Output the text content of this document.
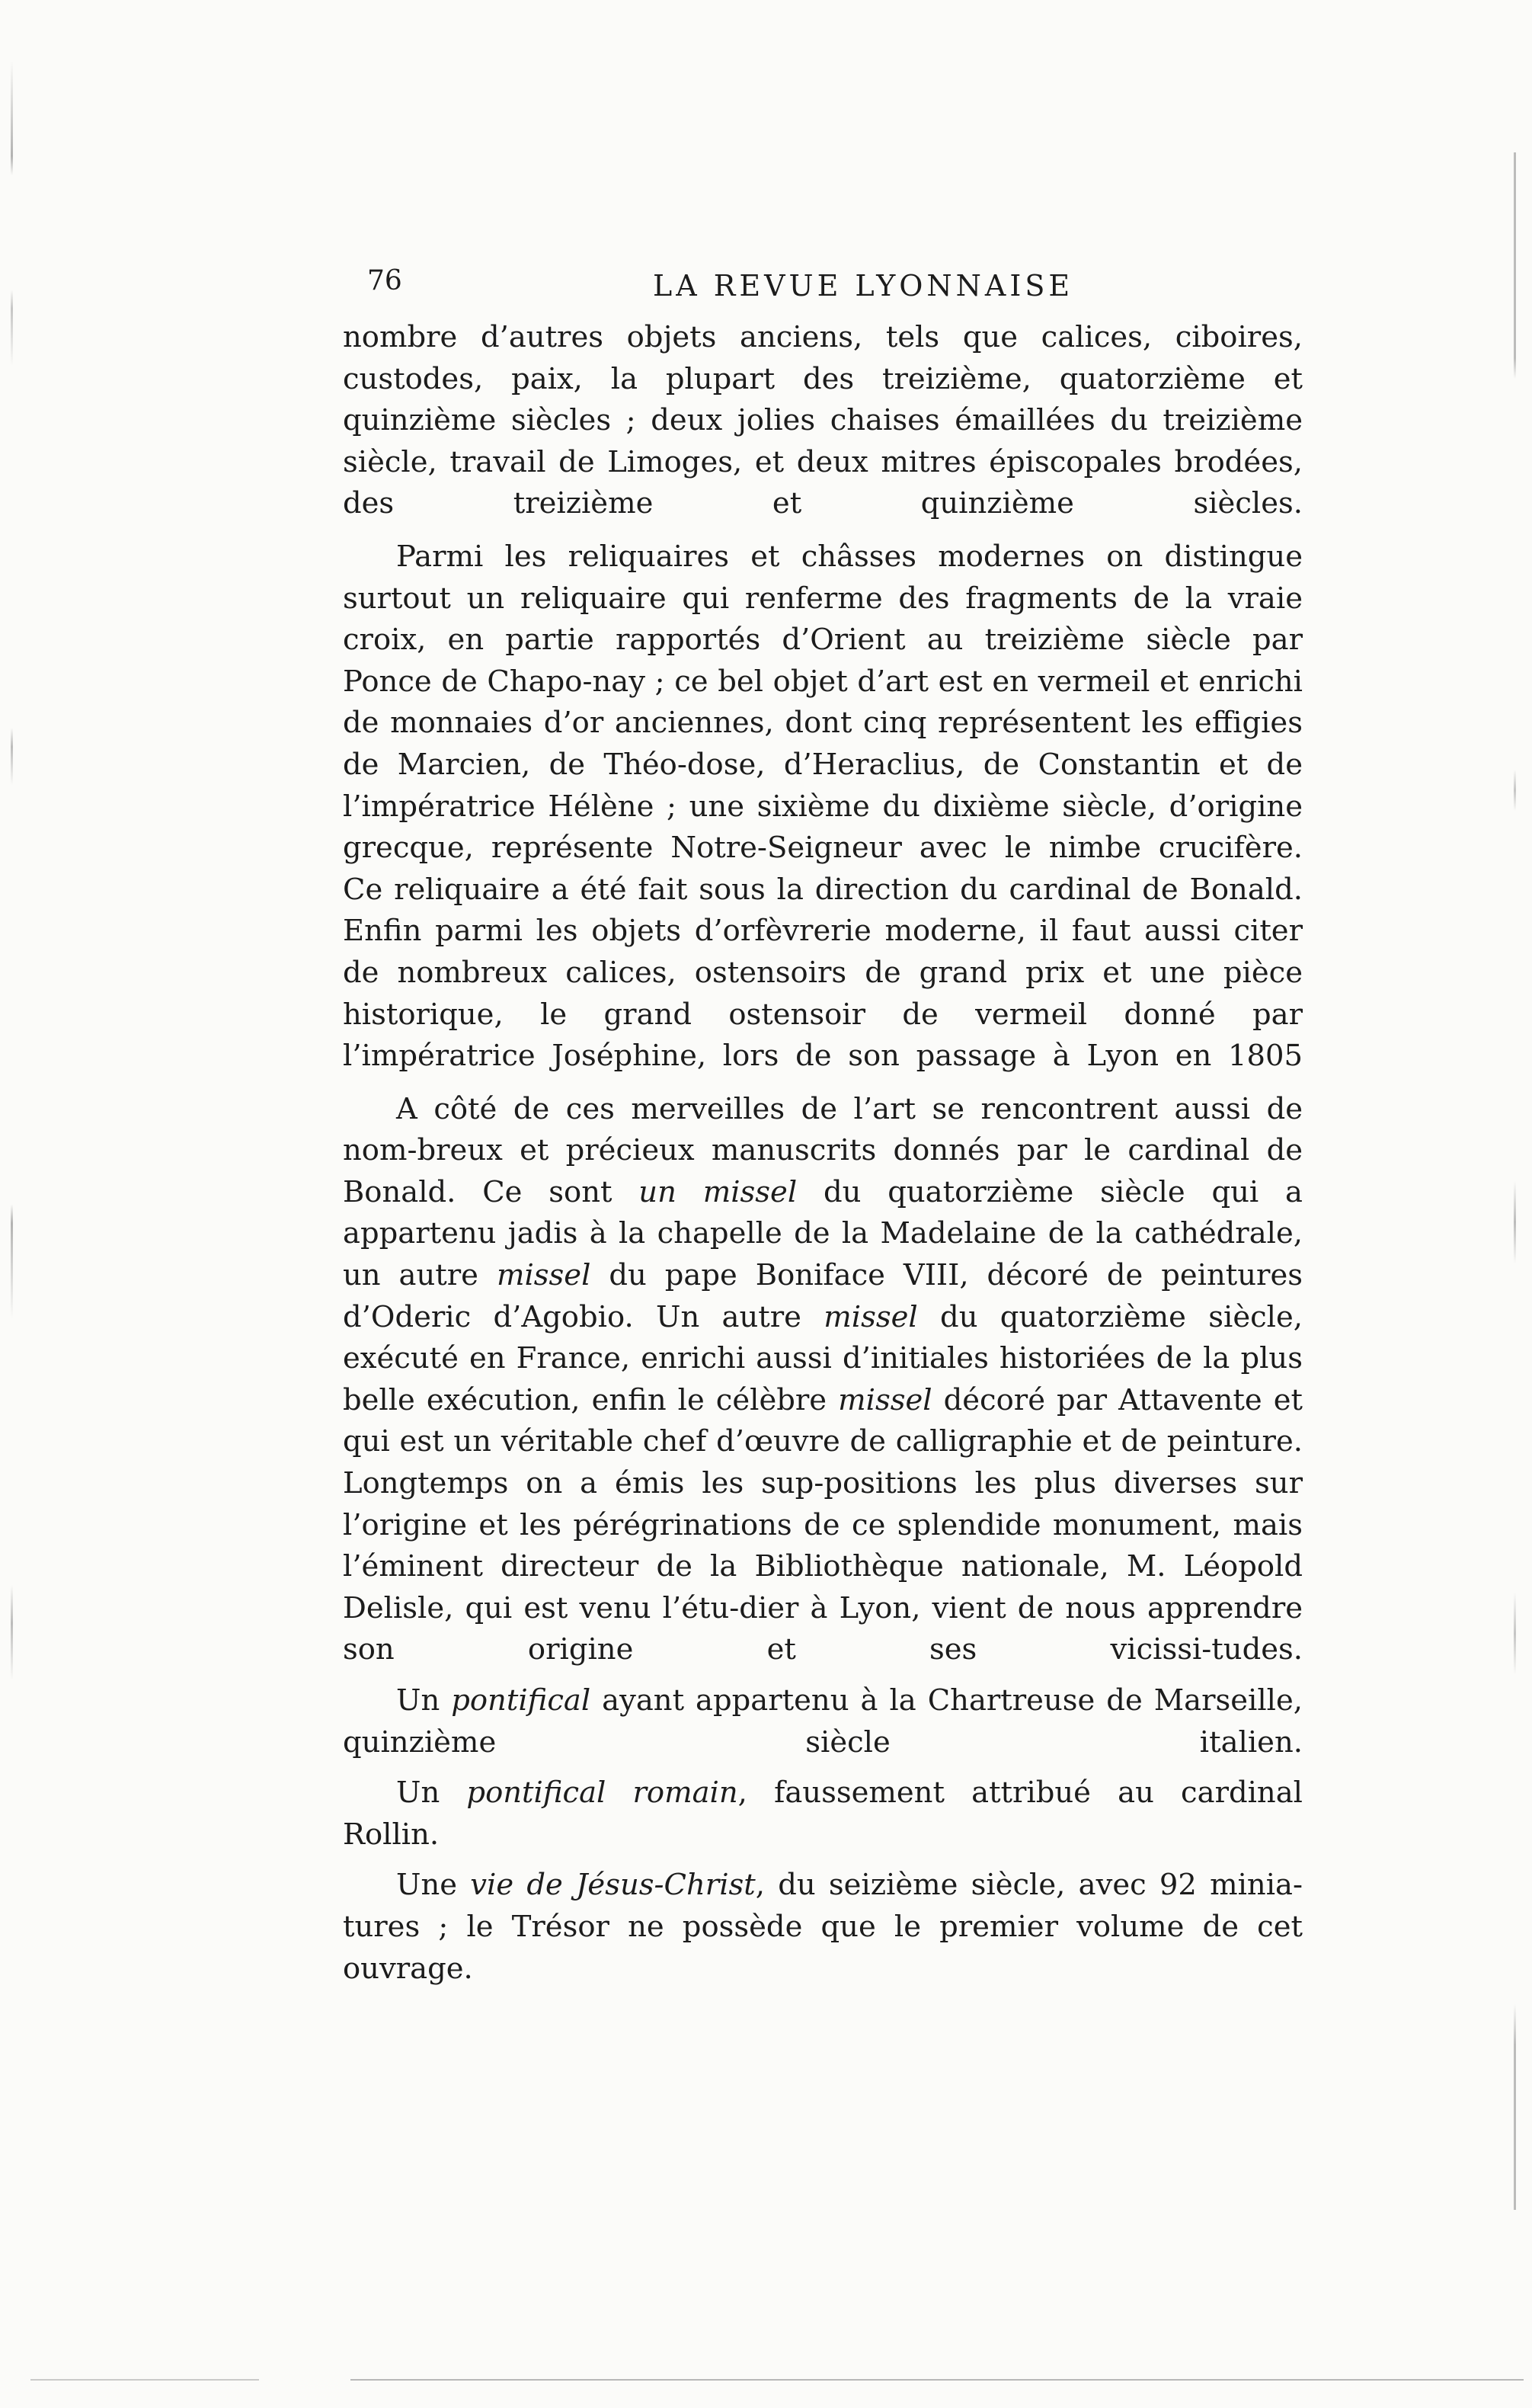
76	LA REVUE LYONNAISE

nombre d’autres objets anciens, tels que calices, ciboires, custodes, paix, la plupart des treizième, quatorzième et quinzième siècles ; deux jolies chaises émaillées du treizième siècle, travail de Limoges, et deux mitres épiscopales brodées, des treizième et quinzième	siècles.

Parmi les reliquaires et châsses modernes on distingue surtout un reliquaire qui renferme des fragments de la vraie croix, en partie rapportés d’Orient au treizième siècle par Ponce de Chapo-nay ; ce bel objet d’art est en vermeil et enrichi de monnaies d’or anciennes, dont cinq représentent les effigies de Marcien, de Théo-dose, d’Heraclius, de Constantin et de l’impératrice Hélène ; une sixième du dixième siècle, d’origine grecque, représente Notre-Seigneur avec le nimbe crucifère. Ce reliquaire a été fait sous la direction du cardinal de Bonald. Enfin parmi les objets d’orfèvrerie moderne, il faut aussi citer de nombreux calices, ostensoirs de grand prix et une pièce historique, le grand ostensoir de vermeil donné par l’impératrice Joséphine, lors de son passage à Lyon en 1805

A côté de ces merveilles de l’art se rencontrent aussi de nom-breux et précieux manuscrits donnés par le cardinal de Bonald. Ce sont un missel du quatorzième siècle qui a appartenu jadis à la chapelle de la Madelaine de la cathédrale, un autre missel du pape Boniface VIII, décoré de peintures d’Oderic d’Agobio. Un autre missel du quatorzième siècle, exécuté en France, enrichi aussi d’initiales historiées de la plus belle exécution, enfin le célèbre missel décoré par Attavente et qui est un véritable chef d’œuvre de calligraphie et de peinture. Longtemps on a émis les sup-positions les plus diverses sur l’origine et les pérégrinations de ce splendide monument, mais l’éminent directeur de la Bibliothèque nationale, M. Léopold Delisle, qui est venu l’étu-dier à Lyon, vient de nous apprendre son origine et ses vicissi-tudes.

Un pontifical ayant appartenu à la Chartreuse de Marseille, quinzième siècle italien.

Un pontifical romain, faussement attribué au cardinal Rollin.

Une vie de Jésus-Christ, du seizième siècle, avec 92 minia-tures ; le Trésor ne possède que le premier volume de cet ouvrage.
